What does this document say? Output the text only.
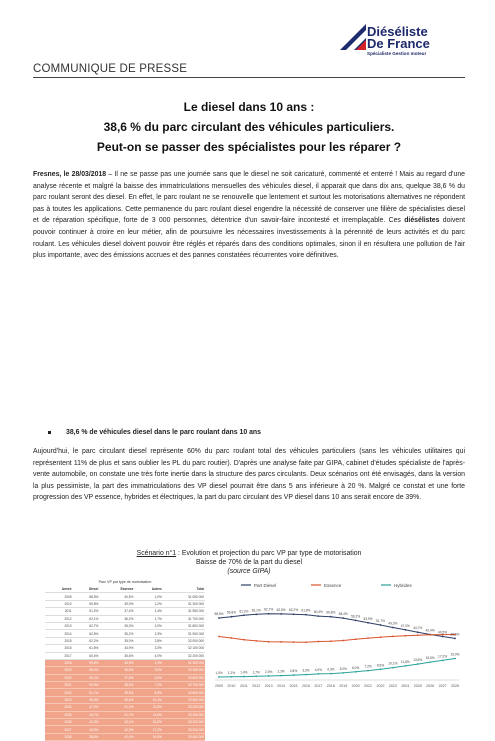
Diéséliste
De France
Spécialiste Gestion moteur
COMMUNIQUE DE PRESSE
Le diesel dans 10 ans :
38,6 % du parc circulant des véhicules particuliers.
Peut-on se passer des spécialistes pour les réparer ?
Fresnes, le 28/03/2018 – Il ne se passe pas une journée sans que le diesel ne soit caricaturé, commenté et enterré ! Mais au regard d'une analyse récente et malgré la baisse des immatriculations mensuelles des véhicules diesel, il apparait que dans dix ans, quelque 38,6 % du parc roulant seront des diesel. En effet, le parc roulant ne se renouvelle que lentement et surtout les motorisations alternatives ne répondent pas à toutes les applications. Cette permanence du parc roulant diesel engendre la nécessité de conserver une filière de spécialistes diesel et de réparation spécifique, forte de 3 000 personnes, détentrice d'un savoir-faire incontesté et irremplaçable. Ces diésélistes doivent pouvoir continuer à croire en leur métier, afin de poursuivre les nécessaires investissements à la pérennité de leurs activités et du parc roulant. Les véhicules diesel doivent pouvoir être réglés et réparés dans des conditions optimales, sinon il en résultera une pollution de l'air plus importante, avec des émissions accrues et des pannes constatées récurrentes voire définitives.
38,6 % de véhicules diesel dans le parc roulant dans 10 ans
Aujourd'hui, le parc circulant diesel représente 60% du parc roulant total des véhicules particuliers (sans les véhicules utilitaires qui représentent 11% de plus et sans oublier les PL du parc routier). D'après une analyse faite par GIPA, cabinet d'études spécialiste de l'après-vente automobile, on constate une très forte inertie dans la structure des parcs circulants. Deux scénarios ont été envisagés, dans la version la plus pessimiste, la part des immatriculations des VP diesel pourrait être dans 5 ans inférieure à 20 %. Malgré ce constat et une forte progression des VP essence, hybrides et électriques, la part du parc circulant des VP diesel dans 10 ans serait encore de 39%.
Scénario n°1 : Evolution et projection du parc VP par type de motorisation
Baisse de 70% de la part du diesel
(source GIPA)
Parc VP par type de motorisation
Année	Diesel	Essence	Autres	Total
2009	58,5%	40,5%	1,0%	31 050 000
2010	59,8%	39,0%	1,2%	31 300 000
2011	61,2%	37,4%	1,4%	31 550 000
2012	62,1%	36,2%	1,7%	31 700 000
2013	62,7%	35,3%	2,0%	31 800 000
2014	62,5%	35,2%	2,3%	31 900 000
2015	62,2%	35,0%	2,8%	32 000 000
2016	61,8%	34,9%	3,3%	32 100 000
2017	60,4%	35,6%	4,0%	32 200 000
2018	59,8%	35,9%	4,3%	32 300 000
2019	58,4%	36,6%	5,0%	32 450 000
2020	56,2%	37,8%	6,0%	32 600 000
2021	53,9%	38,9%	7,2%	32 700 000
2022	51,7%	39,8%	8,5%	32 800 000
2023	49,3%	40,6%	10,1%	32 900 000
2024	47,0%	41,2%	11,8%	33 000 000
2025	44,7%	41,7%	13,6%	33 100 000
2026	42,4%	42,1%	15,5%	33 200 000
2027	40,5%	42,3%	17,2%	33 300 000
2028	38,6%	42,4%	19,0%	33 400 000
Part Diesel	Essence	Hybrides
2009 2010 2011 2012 2013 2014 2015 2016 2017 2018 2019 2020 2021 2022 2023 2024 2025 2026 2027 2028
58,5% 59,8% 61,2% 62,1% 62,7% 62,5% 62,2% 61,8% 60,4% 59,8% 58,4%
56,2%
53,9%
51,7%
49,3%
47,0%
44,7%
42,4% 40,5% 38,6%
1,0% 1,2% 1,4% 1,7% 2,0% 2,3% 2,8% 3,3% 4,0% 4,3% 5,0% 6,0% 7,2% 8,5% 10,1% 11,8% 13,6% 15,5% 17,2% 19,0%
